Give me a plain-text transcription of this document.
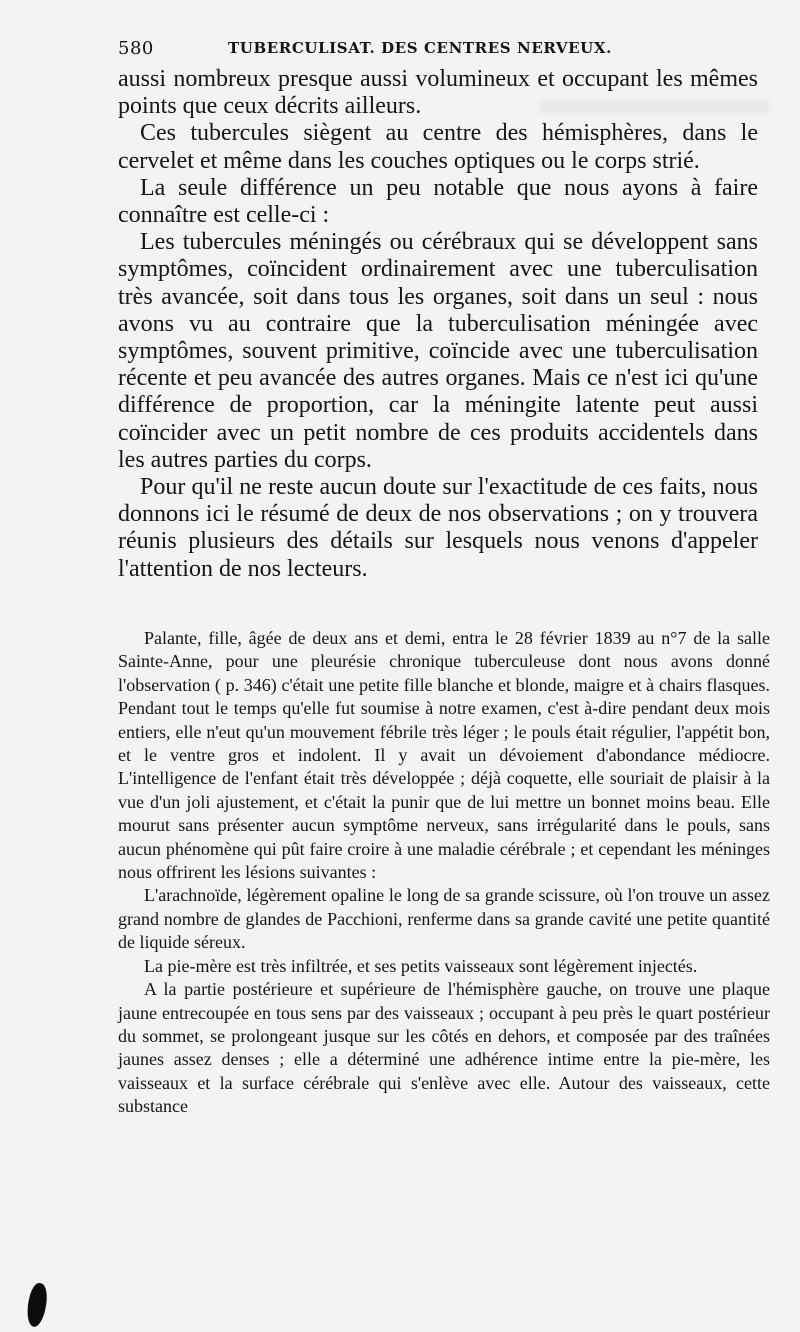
580	TUBERCULISAT. DES CENTRES NERVEUX.

aussi nombreux presque aussi volumineux et occupant les mêmes points que ceux décrits ailleurs.

Ces tubercules siègent au centre des hémisphères, dans le cervelet et même dans les couches optiques ou le corps strié.

La seule différence un peu notable que nous ayons à faire connaître est celle-ci :

Les tubercules méningés ou cérébraux qui se développent sans symptômes, coïncident ordinairement avec une tuberculisation très avancée, soit dans tous les organes, soit dans un seul : nous avons vu au contraire que la tuberculisation méningée avec symptômes, souvent primitive, coïncide avec une tuberculisation récente et peu avancée des autres organes. Mais ce n'est ici qu'une différence de proportion, car la méningite latente peut aussi coïncider avec un petit nombre de ces produits accidentels dans les autres parties du corps.

Pour qu'il ne reste aucun doute sur l'exactitude de ces faits, nous donnons ici le résumé de deux de nos observations ; on y trouvera réunis plusieurs des détails sur lesquels nous venons d'appeler l'attention de nos lecteurs.

Palante, fille, âgée de deux ans et demi, entra le 28 février 1839 au n°7 de la salle Sainte-Anne, pour une pleurésie chronique tuberculeuse dont nous avons donné l'observation ( p. 346) c'était une petite fille blanche et blonde, maigre et à chairs flasques. Pendant tout le temps qu'elle fut soumise à notre examen, c'est à-dire pendant deux mois entiers, elle n'eut qu'un mouvement fébrile très léger ; le pouls était régulier, l'appétit bon, et le ventre gros et indolent. Il y avait un dévoiement d'abondance médiocre. L'intelligence de l'enfant était très développée ; déjà coquette, elle souriait de plaisir à la vue d'un joli ajustement, et c'était la punir que de lui mettre un bonnet moins beau. Elle mourut sans présenter aucun symptôme nerveux, sans irrégularité dans le pouls, sans aucun phénomène qui pût faire croire à une maladie cérébrale ; et cependant les méninges nous offrirent les lésions suivantes :

L'arachnoïde, légèrement opaline le long de sa grande scissure, où l'on trouve un assez grand nombre de glandes de Pacchioni, renferme dans sa grande cavité une petite quantité de liquide séreux.

La pie-mère est très infiltrée, et ses petits vaisseaux sont légèrement injectés.

A la partie postérieure et supérieure de l'hémisphère gauche, on trouve une plaque jaune entrecoupée en tous sens par des vaisseaux ; occupant à peu près le quart postérieur du sommet, se prolongeant jusque sur les côtés en dehors, et composée par des traînées jaunes assez denses ; elle a déterminé une adhérence intime entre la pie-mère, les vaisseaux et la surface cérébrale qui s'enlève avec elle. Autour des vaisseaux, cette substance
